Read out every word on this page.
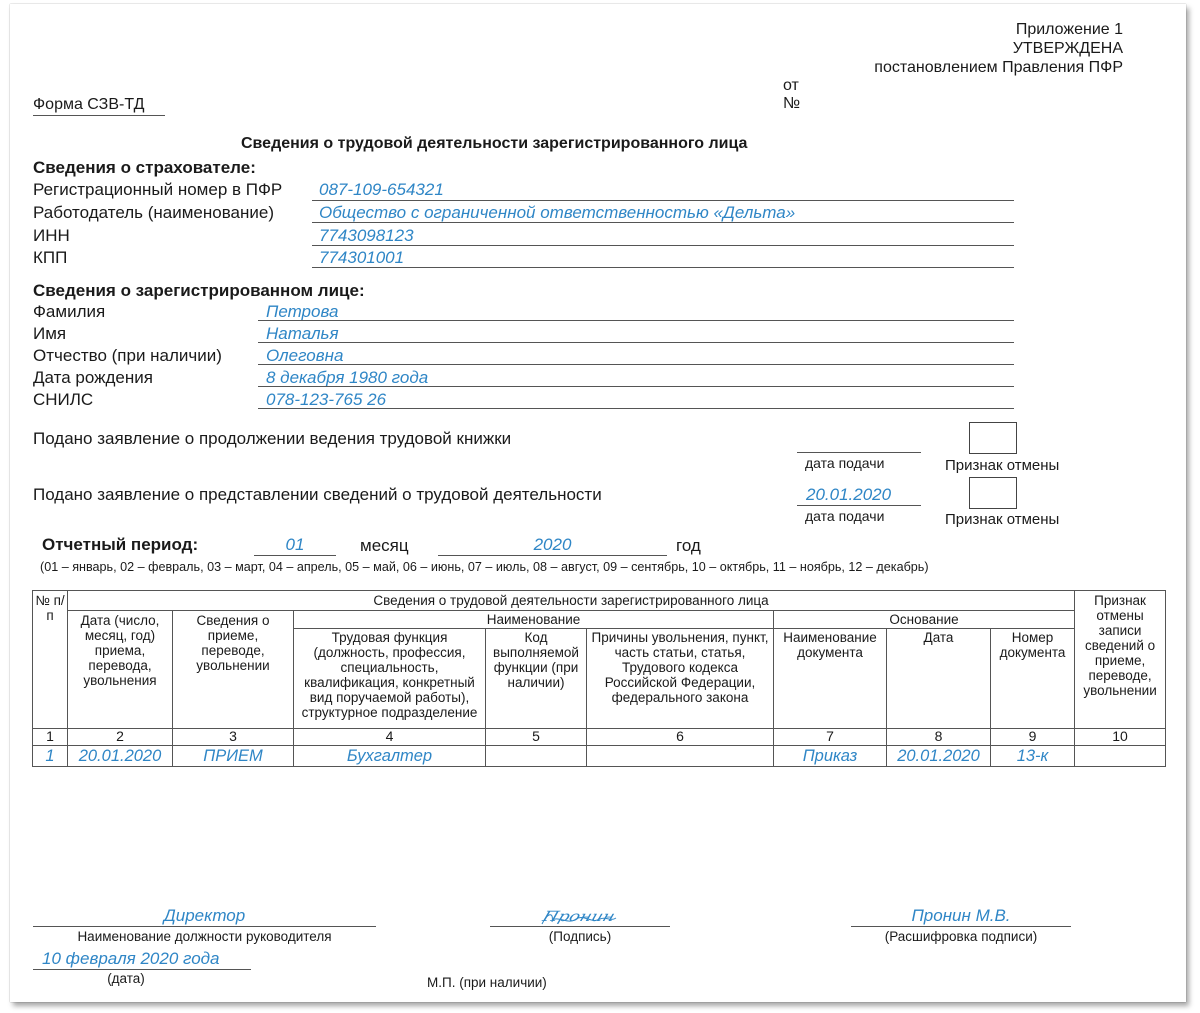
Приложение 1
УТВЕРЖДЕНА
постановлением Правления ПФР
от
№
Форма СЗВ-ТД
Сведения о трудовой деятельности зарегистрированного лица
Сведения о страхователе:
Регистрационный номер в ПФР 087-109-654321
Работодатель (наименование)	Общество с ограниченной ответственностью «Дельта»
ИНН	7743098123
КПП	774301001
Сведения о зарегистрированном лице:
Фамилия	Петрова
Имя	Наталья
Отчество (при наличии)	Олеговна
Дата рождения	8 декабря 1980 года
СНИЛС	078-123-765 26
Подано заявление о продолжении ведения трудовой книжки
дата подачи	Признак отмены
Подано заявление о представлении сведений о трудовой деятельности	20.01.2020
дата подачи	Признак отмены
Отчетный период:	01	месяц	2020	год
(01 – январь, 02 – февраль, 03 – март, 04 – апрель, 05 – май, 06 – июнь, 07 – июль, 08 – август, 09 – сентябрь, 10 – октябрь, 11 – ноябрь, 12 – декабрь)
№ п/п	Сведения о трудовой деятельности зарегистрированного лица								Признак отмены записи сведений о приеме, переводе, увольнении
	Дата (число, месяц, год) приема, перевода, увольнения	Сведения о приеме, переводе, увольнении	Наименование			Основание			
			Трудовая функция (должность, профессия, специальность, квалификация, конкретный вид поручаемой работы), структурное подразделение	Код выполняемой функции (при наличии)	Причины увольнения, пункт, часть статьи, статья, Трудового кодекса Российской Федерации, федерального закона	Наименование документа	Дата	Номер документа	
1	2	3	4	5	6	7	8	9	10
1	20.01.2020	ПРИЕМ	Бухгалтер			Приказ	20.01.2020	13-к	
Директор
Наименование должности руководителя
Пронин
(Подпись)
Пронин М.В.
(Расшифровка подписи)
10 февраля 2020 года
(дата)	М.П. (при наличии)
